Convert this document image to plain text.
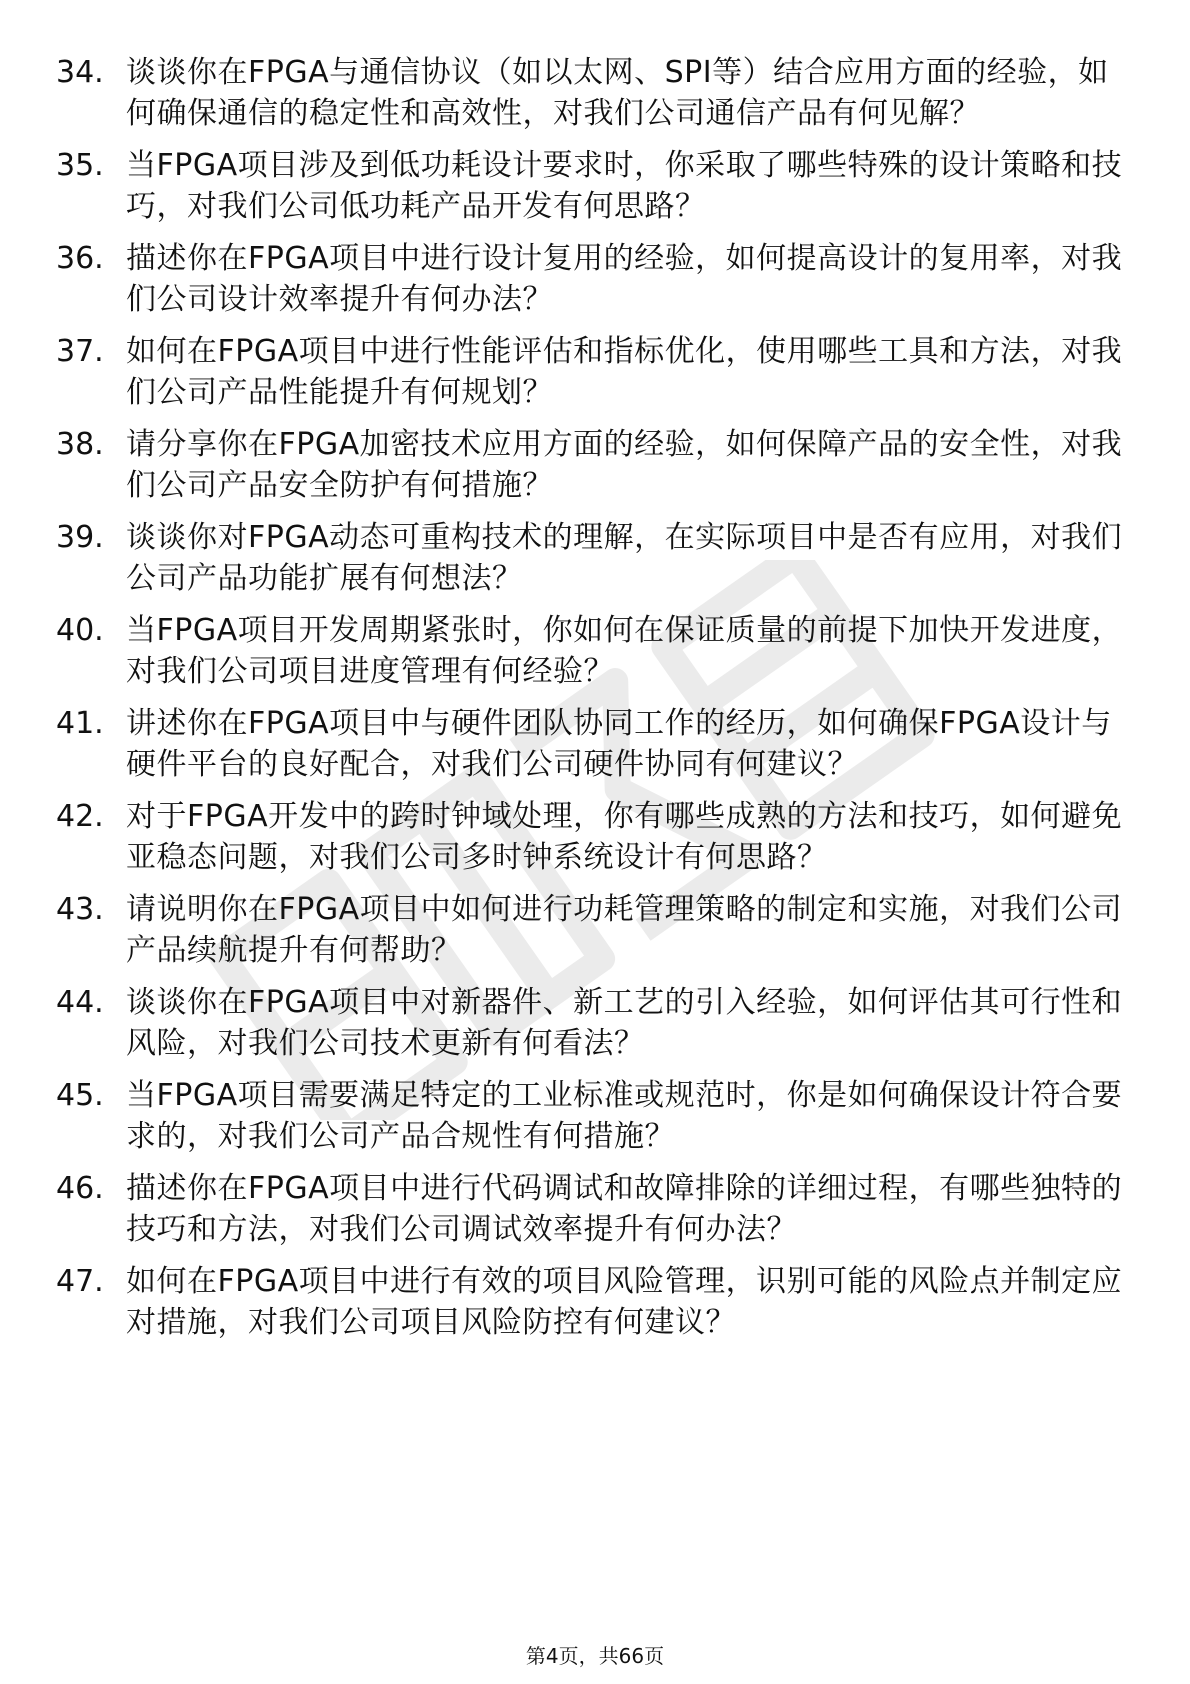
34. 谈谈你在FPGA与通信协议（如以太网、SPI等）结合应用方面的经验，如何确保通信的稳定性和高效性，对我们公司通信产品有何见解？
35. 当FPGA项目涉及到低功耗设计要求时，你采取了哪些特殊的设计策略和技巧，对我们公司低功耗产品开发有何思路？
36. 描述你在FPGA项目中进行设计复用的经验，如何提高设计的复用率，对我们公司设计效率提升有何办法？
37. 如何在FPGA项目中进行性能评估和指标优化，使用哪些工具和方法，对我们公司产品性能提升有何规划？
38. 请分享你在FPGA加密技术应用方面的经验，如何保障产品的安全性，对我们公司产品安全防护有何措施？
39. 谈谈你对FPGA动态可重构技术的理解，在实际项目中是否有应用，对我们公司产品功能扩展有何想法？
40. 当FPGA项目开发周期紧张时，你如何在保证质量的前提下加快开发进度，对我们公司项目进度管理有何经验？
41. 讲述你在FPGA项目中与硬件团队协同工作的经历，如何确保FPGA设计与硬件平台的良好配合，对我们公司硬件协同有何建议？
42. 对于FPGA开发中的跨时钟域处理，你有哪些成熟的方法和技巧，如何避免亚稳态问题，对我们公司多时钟系统设计有何思路？
43. 请说明你在FPGA项目中如何进行功耗管理策略的制定和实施，对我们公司产品续航提升有何帮助？
44. 谈谈你在FPGA项目中对新器件、新工艺的引入经验，如何评估其可行性和风险，对我们公司技术更新有何看法？
45. 当FPGA项目需要满足特定的工业标准或规范时，你是如何确保设计符合要求的，对我们公司产品合规性有何措施？
46. 描述你在FPGA项目中进行代码调试和故障排除的详细过程，有哪些独特的技巧和方法，对我们公司调试效率提升有何办法？
47. 如何在FPGA项目中进行有效的项目风险管理，识别可能的风险点并制定应对措施，对我们公司项目风险防控有何建议？
第4页，共66页
